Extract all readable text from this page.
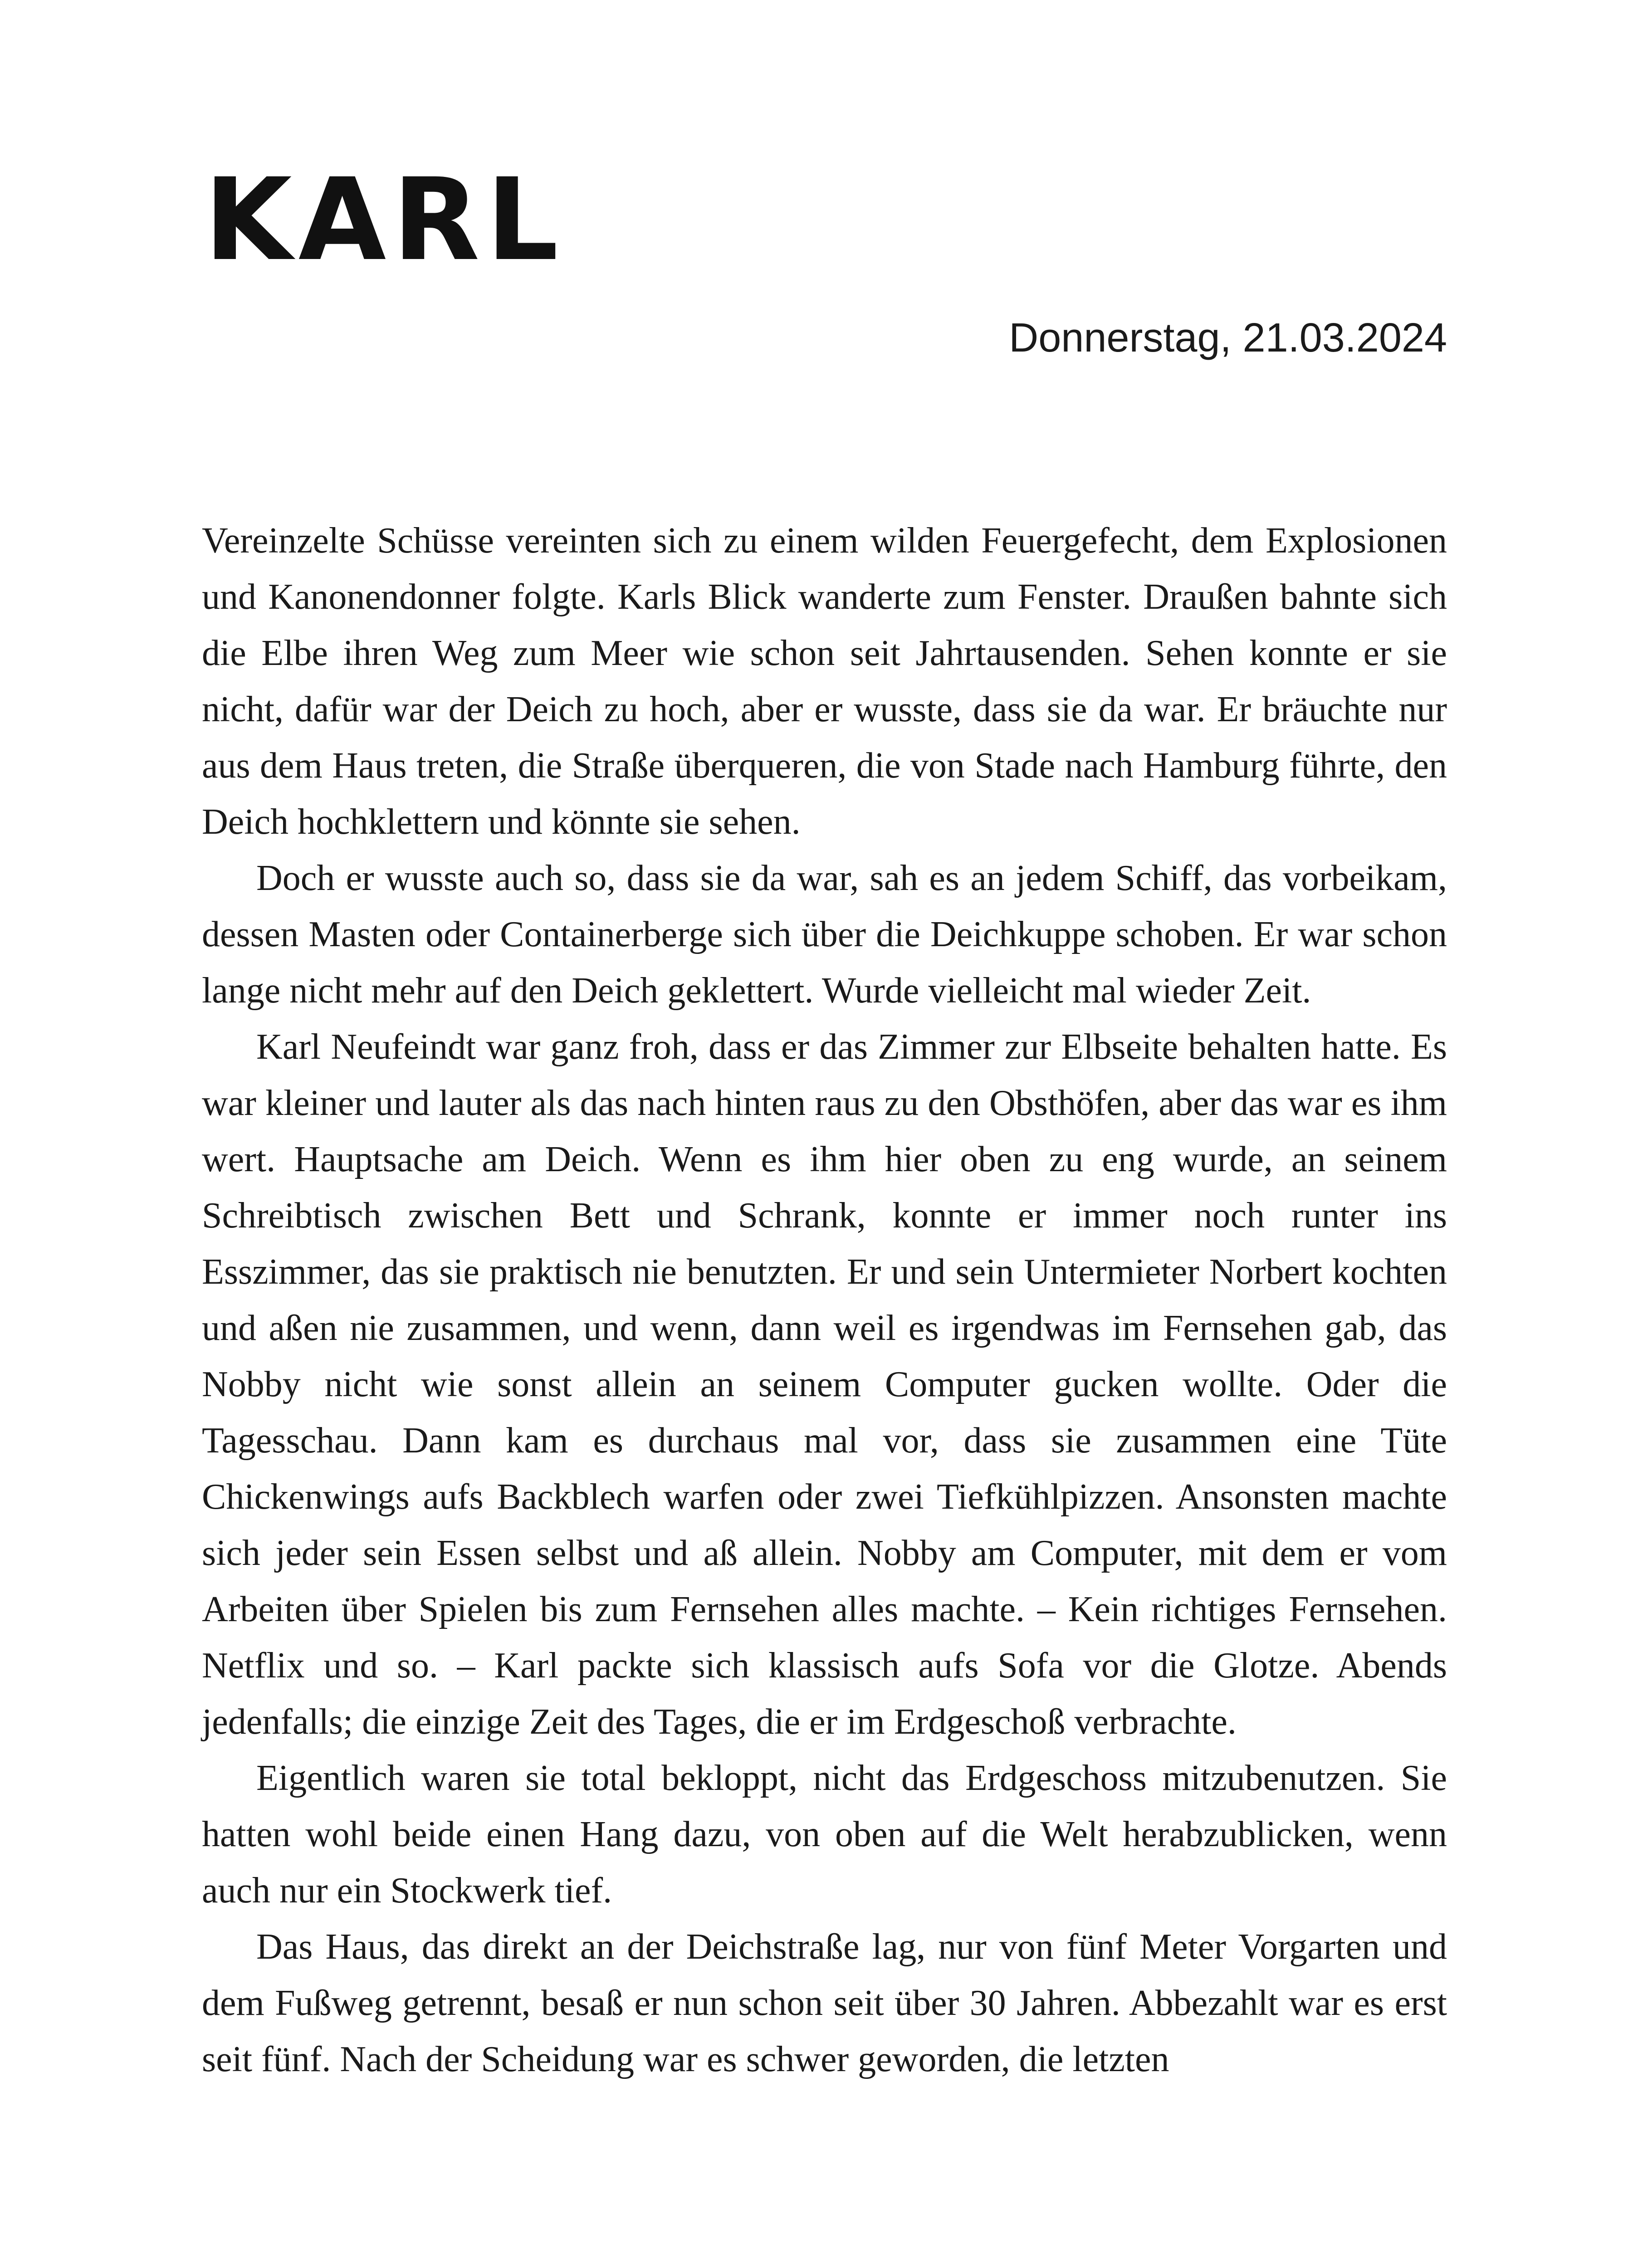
KARL
Donnerstag, 21.03.2024

Vereinzelte Schüsse vereinten sich zu einem wilden Feuergefecht, dem Explosionen und Kanonendonner folgte. Karls Blick wanderte zum Fenster. Draußen bahnte sich die Elbe ihren Weg zum Meer wie schon seit Jahrtausenden. Sehen konnte er sie nicht, dafür war der Deich zu hoch, aber er wusste, dass sie da war. Er bräuchte nur aus dem Haus treten, die Straße überqueren, die von Stade nach Hamburg führte, den Deich hochklettern und könnte sie sehen.

Doch er wusste auch so, dass sie da war, sah es an jedem Schiff, das vorbeikam, dessen Masten oder Containerberge sich über die Deichkuppe schoben. Er war schon lange nicht mehr auf den Deich geklettert. Wurde vielleicht mal wieder Zeit.

Karl Neufeindt war ganz froh, dass er das Zimmer zur Elbseite behalten hatte. Es war kleiner und lauter als das nach hinten raus zu den Obsthöfen, aber das war es ihm wert. Hauptsache am Deich. Wenn es ihm hier oben zu eng wurde, an seinem Schreibtisch zwischen Bett und Schrank, konnte er immer noch runter ins Esszimmer, das sie praktisch nie benutzten. Er und sein Untermieter Norbert kochten und aßen nie zusammen, und wenn, dann weil es irgendwas im Fernsehen gab, das Nobby nicht wie sonst allein an seinem Computer gucken wollte. Oder die Tagesschau. Dann kam es durchaus mal vor, dass sie zusammen eine Tüte Chickenwings aufs Backblech warfen oder zwei Tiefkühlpizzen. Ansonsten machte sich jeder sein Essen selbst und aß allein. Nobby am Computer, mit dem er vom Arbeiten über Spielen bis zum Fernsehen alles machte. – Kein richtiges Fernsehen. Netflix und so. – Karl packte sich klassisch aufs Sofa vor die Glotze. Abends jedenfalls; die einzige Zeit des Tages, die er im Erdgeschoß verbrachte.

Eigentlich waren sie total bekloppt, nicht das Erdgeschoss mitzubenutzen. Sie hatten wohl beide einen Hang dazu, von oben auf die Welt herabzublicken, wenn auch nur ein Stockwerk tief.

Das Haus, das direkt an der Deichstraße lag, nur von fünf Meter Vorgarten und dem Fußweg getrennt, besaß er nun schon seit über 30 Jahren. Abbezahlt war es erst seit fünf. Nach der Scheidung war es schwer geworden, die letzten
